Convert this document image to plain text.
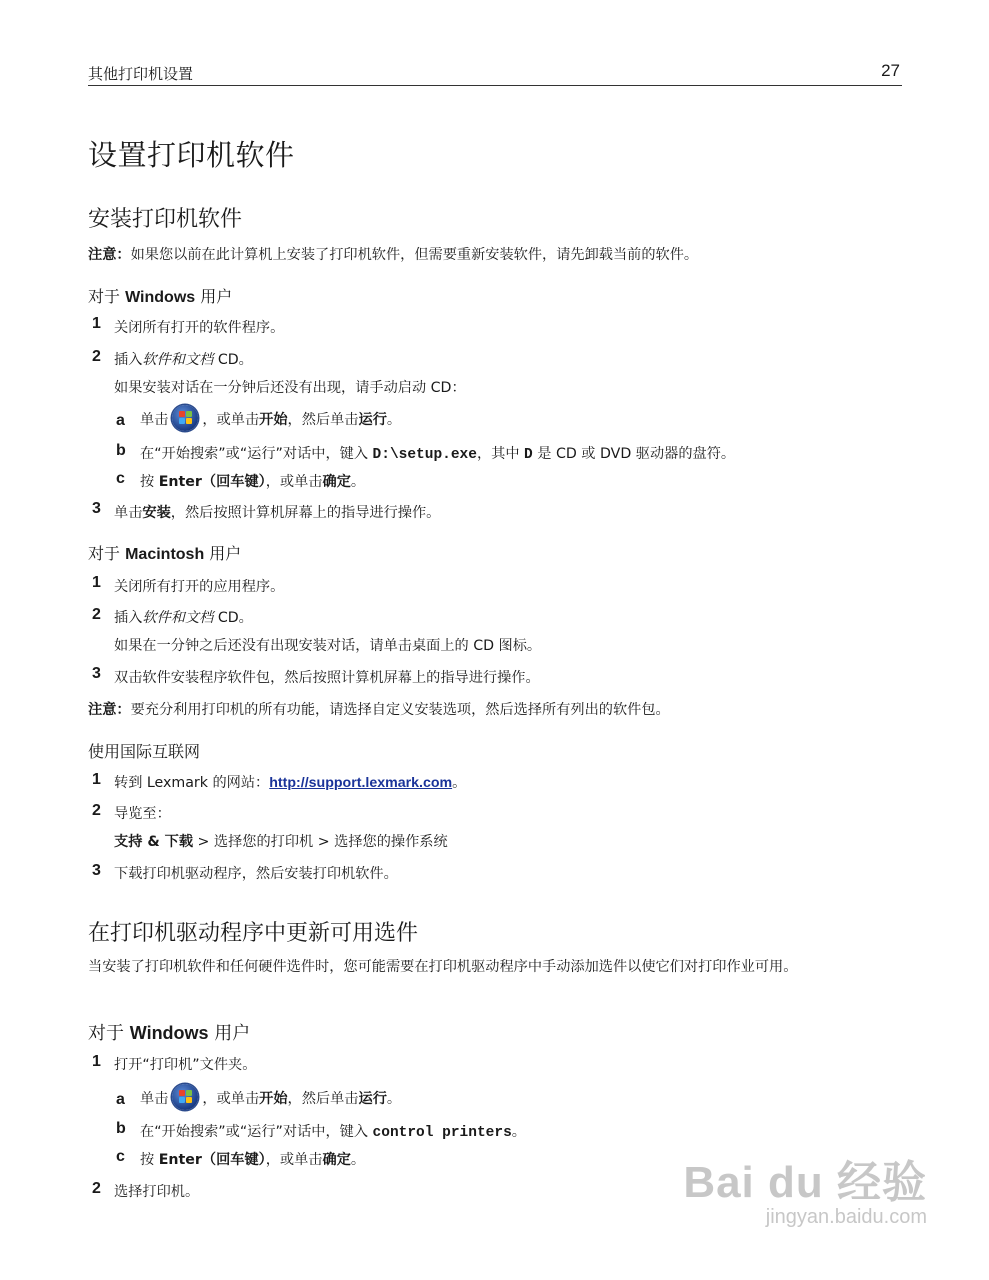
其他打印机设置	27
设置打印机软件
安装打印机软件
注意：如果您以前在此计算机上安装了打印机软件，但需要重新安装软件，请先卸载当前的软件。
对于 Windows 用户
1 关闭所有打开的软件程序。
2 插入软件和文档 CD。
如果安装对话在一分钟后还没有出现，请手动启动 CD：
a 单击 ，或单击开始，然后单击运行。
b 在“开始搜索”或“运行”对话中，键入 D:\setup.exe，其中 D 是 CD 或 DVD 驱动器的盘符。
c 按 Enter（回车键），或单击确定。
3 单击安装，然后按照计算机屏幕上的指导进行操作。
对于 Macintosh 用户
1 关闭所有打开的应用程序。
2 插入软件和文档 CD。
如果在一分钟之后还没有出现安装对话，请单击桌面上的 CD 图标。
3 双击软件安装程序软件包，然后按照计算机屏幕上的指导进行操作。
注意：要充分利用打印机的所有功能，请选择自定义安装选项，然后选择所有列出的软件包。
使用国际互联网
1 转到 Lexmark 的网站：http://support.lexmark.com。
2 导览至：
支持 & 下载 > 选择您的打印机 > 选择您的操作系统
3 下载打印机驱动程序，然后安装打印机软件。
在打印机驱动程序中更新可用选件
当安装了打印机软件和任何硬件选件时，您可能需要在打印机驱动程序中手动添加选件以使它们对打印作业可用。
对于 Windows 用户
1 打开“打印机”文件夹。
a 单击 ，或单击开始，然后单击运行。
b 在“开始搜索”或“运行”对话中，键入 control printers。
c 按 Enter（回车键），或单击确定。
2 选择打印机。	Bai du 经验
jingyan.baidu.com
